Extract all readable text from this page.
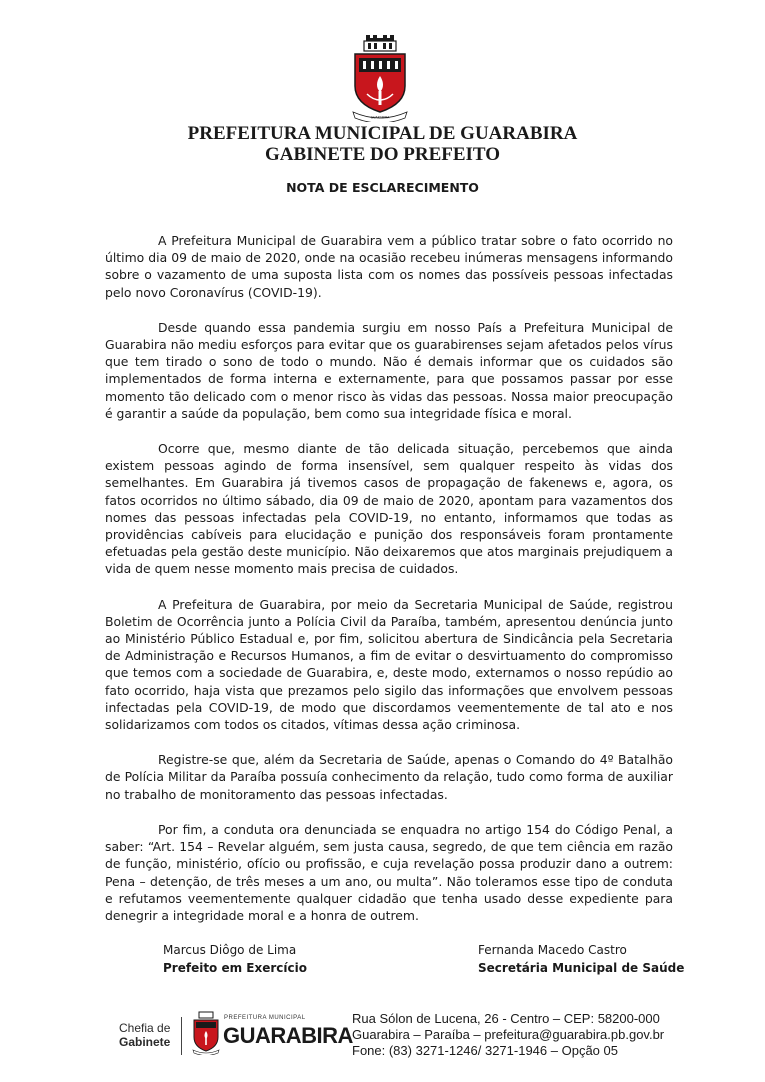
GUARABIRA
PREFEITURA MUNICIPAL DE GUARABIRA
GABINETE DO PREFEITO
NOTA DE ESCLARECIMENTO

A Prefeitura Municipal de Guarabira vem a público tratar sobre o fato ocorrido no último dia 09 de maio de 2020, onde na ocasião recebeu inúmeras mensagens informando sobre o vazamento de uma suposta lista com os nomes das possíveis pessoas infectadas pelo novo Coronavírus (COVID-19).

Desde quando essa pandemia surgiu em nosso País a Prefeitura Municipal de Guarabira não mediu esforços para evitar que os guarabirenses sejam afetados pelos vírus que tem tirado o sono de todo o mundo. Não é demais informar que os cuidados são implementados de forma interna e externamente, para que possamos passar por esse momento tão delicado com o menor risco às vidas das pessoas. Nossa maior preocupação é garantir a saúde da população, bem como sua integridade física e moral.

Ocorre que, mesmo diante de tão delicada situação, percebemos que ainda existem pessoas agindo de forma insensível, sem qualquer respeito às vidas dos semelhantes. Em Guarabira já tivemos casos de propagação de fakenews e, agora, os fatos ocorridos no último sábado, dia 09 de maio de 2020, apontam para vazamentos dos nomes das pessoas infectadas pela COVID-19, no entanto, informamos que todas as providências cabíveis para elucidação e punição dos responsáveis foram prontamente efetuadas pela gestão deste município. Não deixaremos que atos marginais prejudiquem a vida de quem nesse momento mais precisa de cuidados.

A Prefeitura de Guarabira, por meio da Secretaria Municipal de Saúde, registrou Boletim de Ocorrência junto a Polícia Civil da Paraíba, também, apresentou denúncia junto ao Ministério Público Estadual e, por fim, solicitou abertura de Sindicância pela Secretaria de Administração e Recursos Humanos, a fim de evitar o desvirtuamento do compromisso que temos com a sociedade de Guarabira, e, deste modo, externamos o nosso repúdio ao fato ocorrido, haja vista que prezamos pelo sigilo das informações que envolvem pessoas infectadas pela COVID-19, de modo que discordamos veementemente de tal ato e nos solidarizamos com todos os citados, vítimas dessa ação criminosa.

Registre-se que, além da Secretaria de Saúde, apenas o Comando do 4º Batalhão de Polícia Militar da Paraíba possuía conhecimento da relação, tudo como forma de auxiliar no trabalho de monitoramento das pessoas infectadas.

Por fim, a conduta ora denunciada se enquadra no artigo 154 do Código Penal, a saber: “Art. 154 – Revelar alguém, sem justa causa, segredo, de que tem ciência em razão de função, ministério, ofício ou profissão, e cuja revelação possa produzir dano a outrem: Pena – detenção, de três meses a um ano, ou multa”. Não toleramos esse tipo de conduta e refutamos veementemente qualquer cidadão que tenha usado desse expediente para denegrir a integridade moral e a honra de outrem.

Marcus Diôgo de Lima
Prefeito em Exercício
Fernanda Macedo Castro
Secretária Municipal de Saúde
Chefia de
Gabinete
PREFEITURA MUNICIPAL
GUARABIRA
Rua Sólon de Lucena, 26 - Centro – CEP: 58200-000
Guarabira – Paraíba – prefeitura@guarabira.pb.gov.br
Fone: (83) 3271-1246/ 3271-1946 – Opção 05
